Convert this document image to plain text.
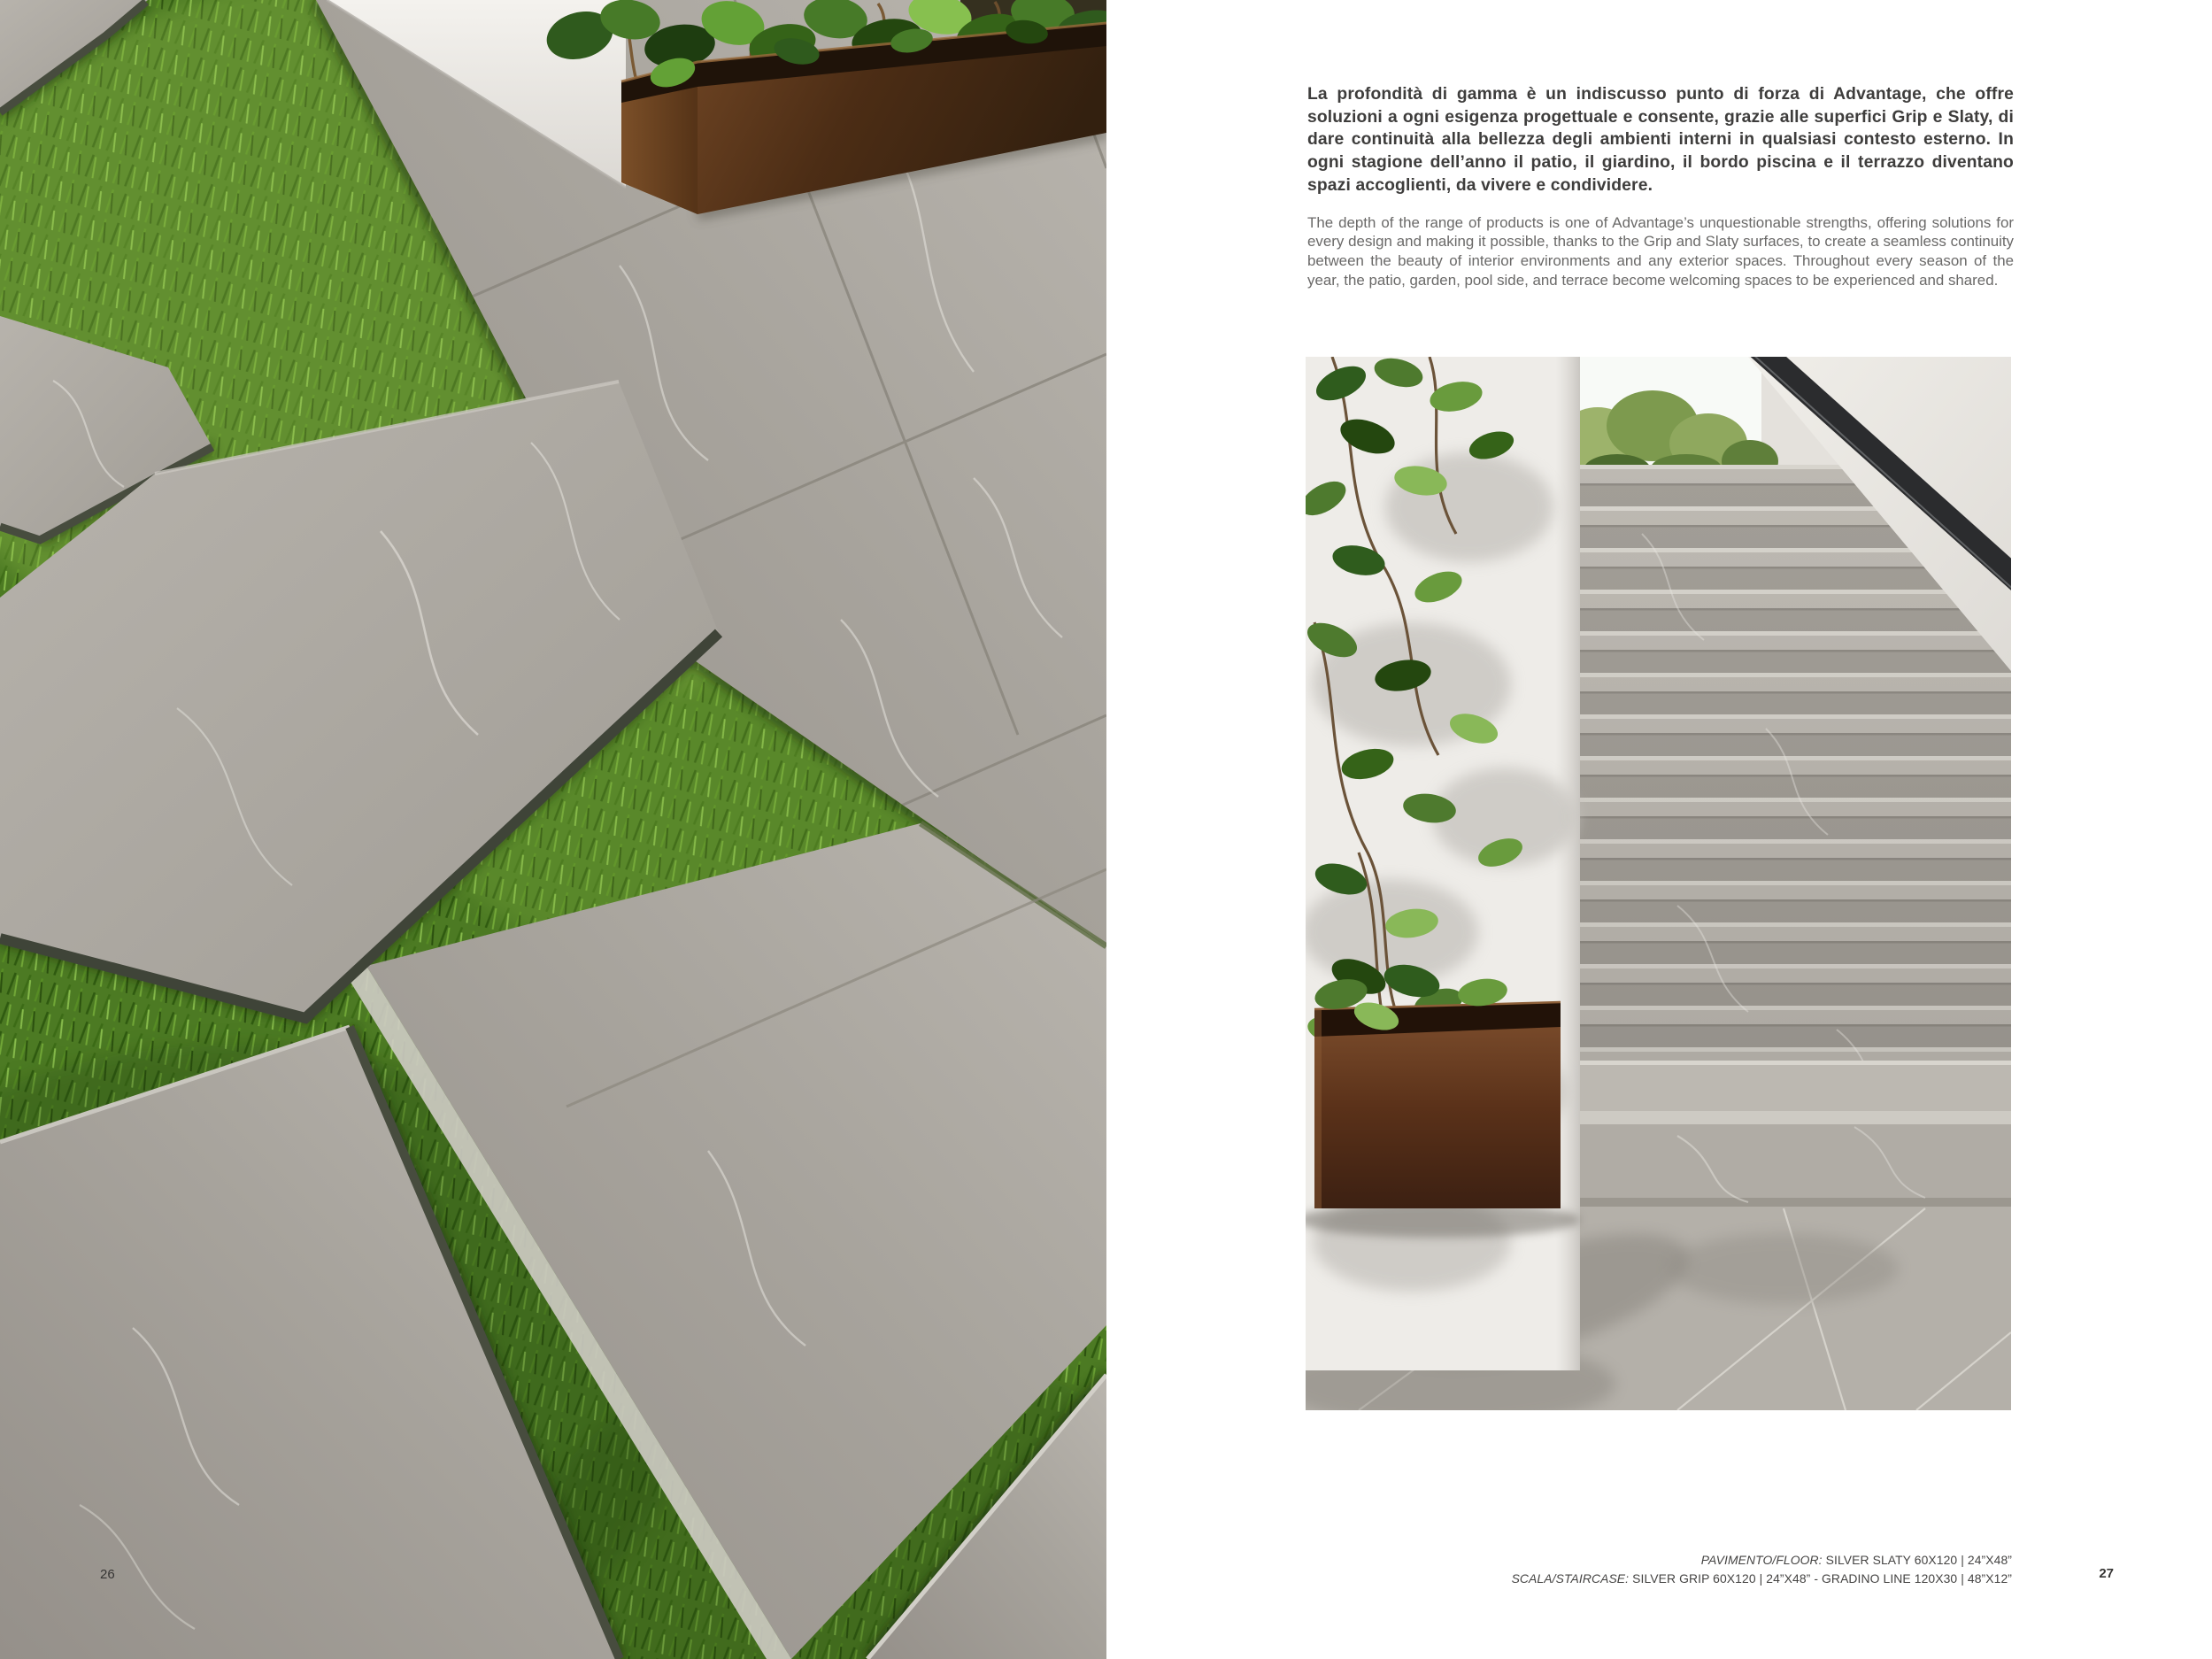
La profondità di gamma è un indiscusso punto di forza di Advantage, che offre soluzioni a ogni esigenza progettuale e consente, grazie alle superfici Grip e Slaty, di dare continuità alla bellezza degli ambienti interni in qualsiasi contesto esterno. In ogni stagione dell’anno il patio, il giardino, il bordo piscina e il terrazzo diventano spazi accoglienti, da vivere e condividere.

The depth of the range of products is one of Advantage’s unquestionable strengths, offering solutions for every design and making it possible, thanks to the Grip and Slaty surfaces, to create a seamless continuity between the beauty of interior environments and any exterior spaces. Throughout every season of the year, the patio, garden, pool side, and terrace become welcoming spaces to be experienced and shared.

PAVIMENTO/FLOOR: SILVER SLATY 60X120 | 24”X48”
SCALA/STAIRCASE: SILVER GRIP 60X120 | 24”X48” - GRADINO LINE 120X30 | 48”X12”
26	27
